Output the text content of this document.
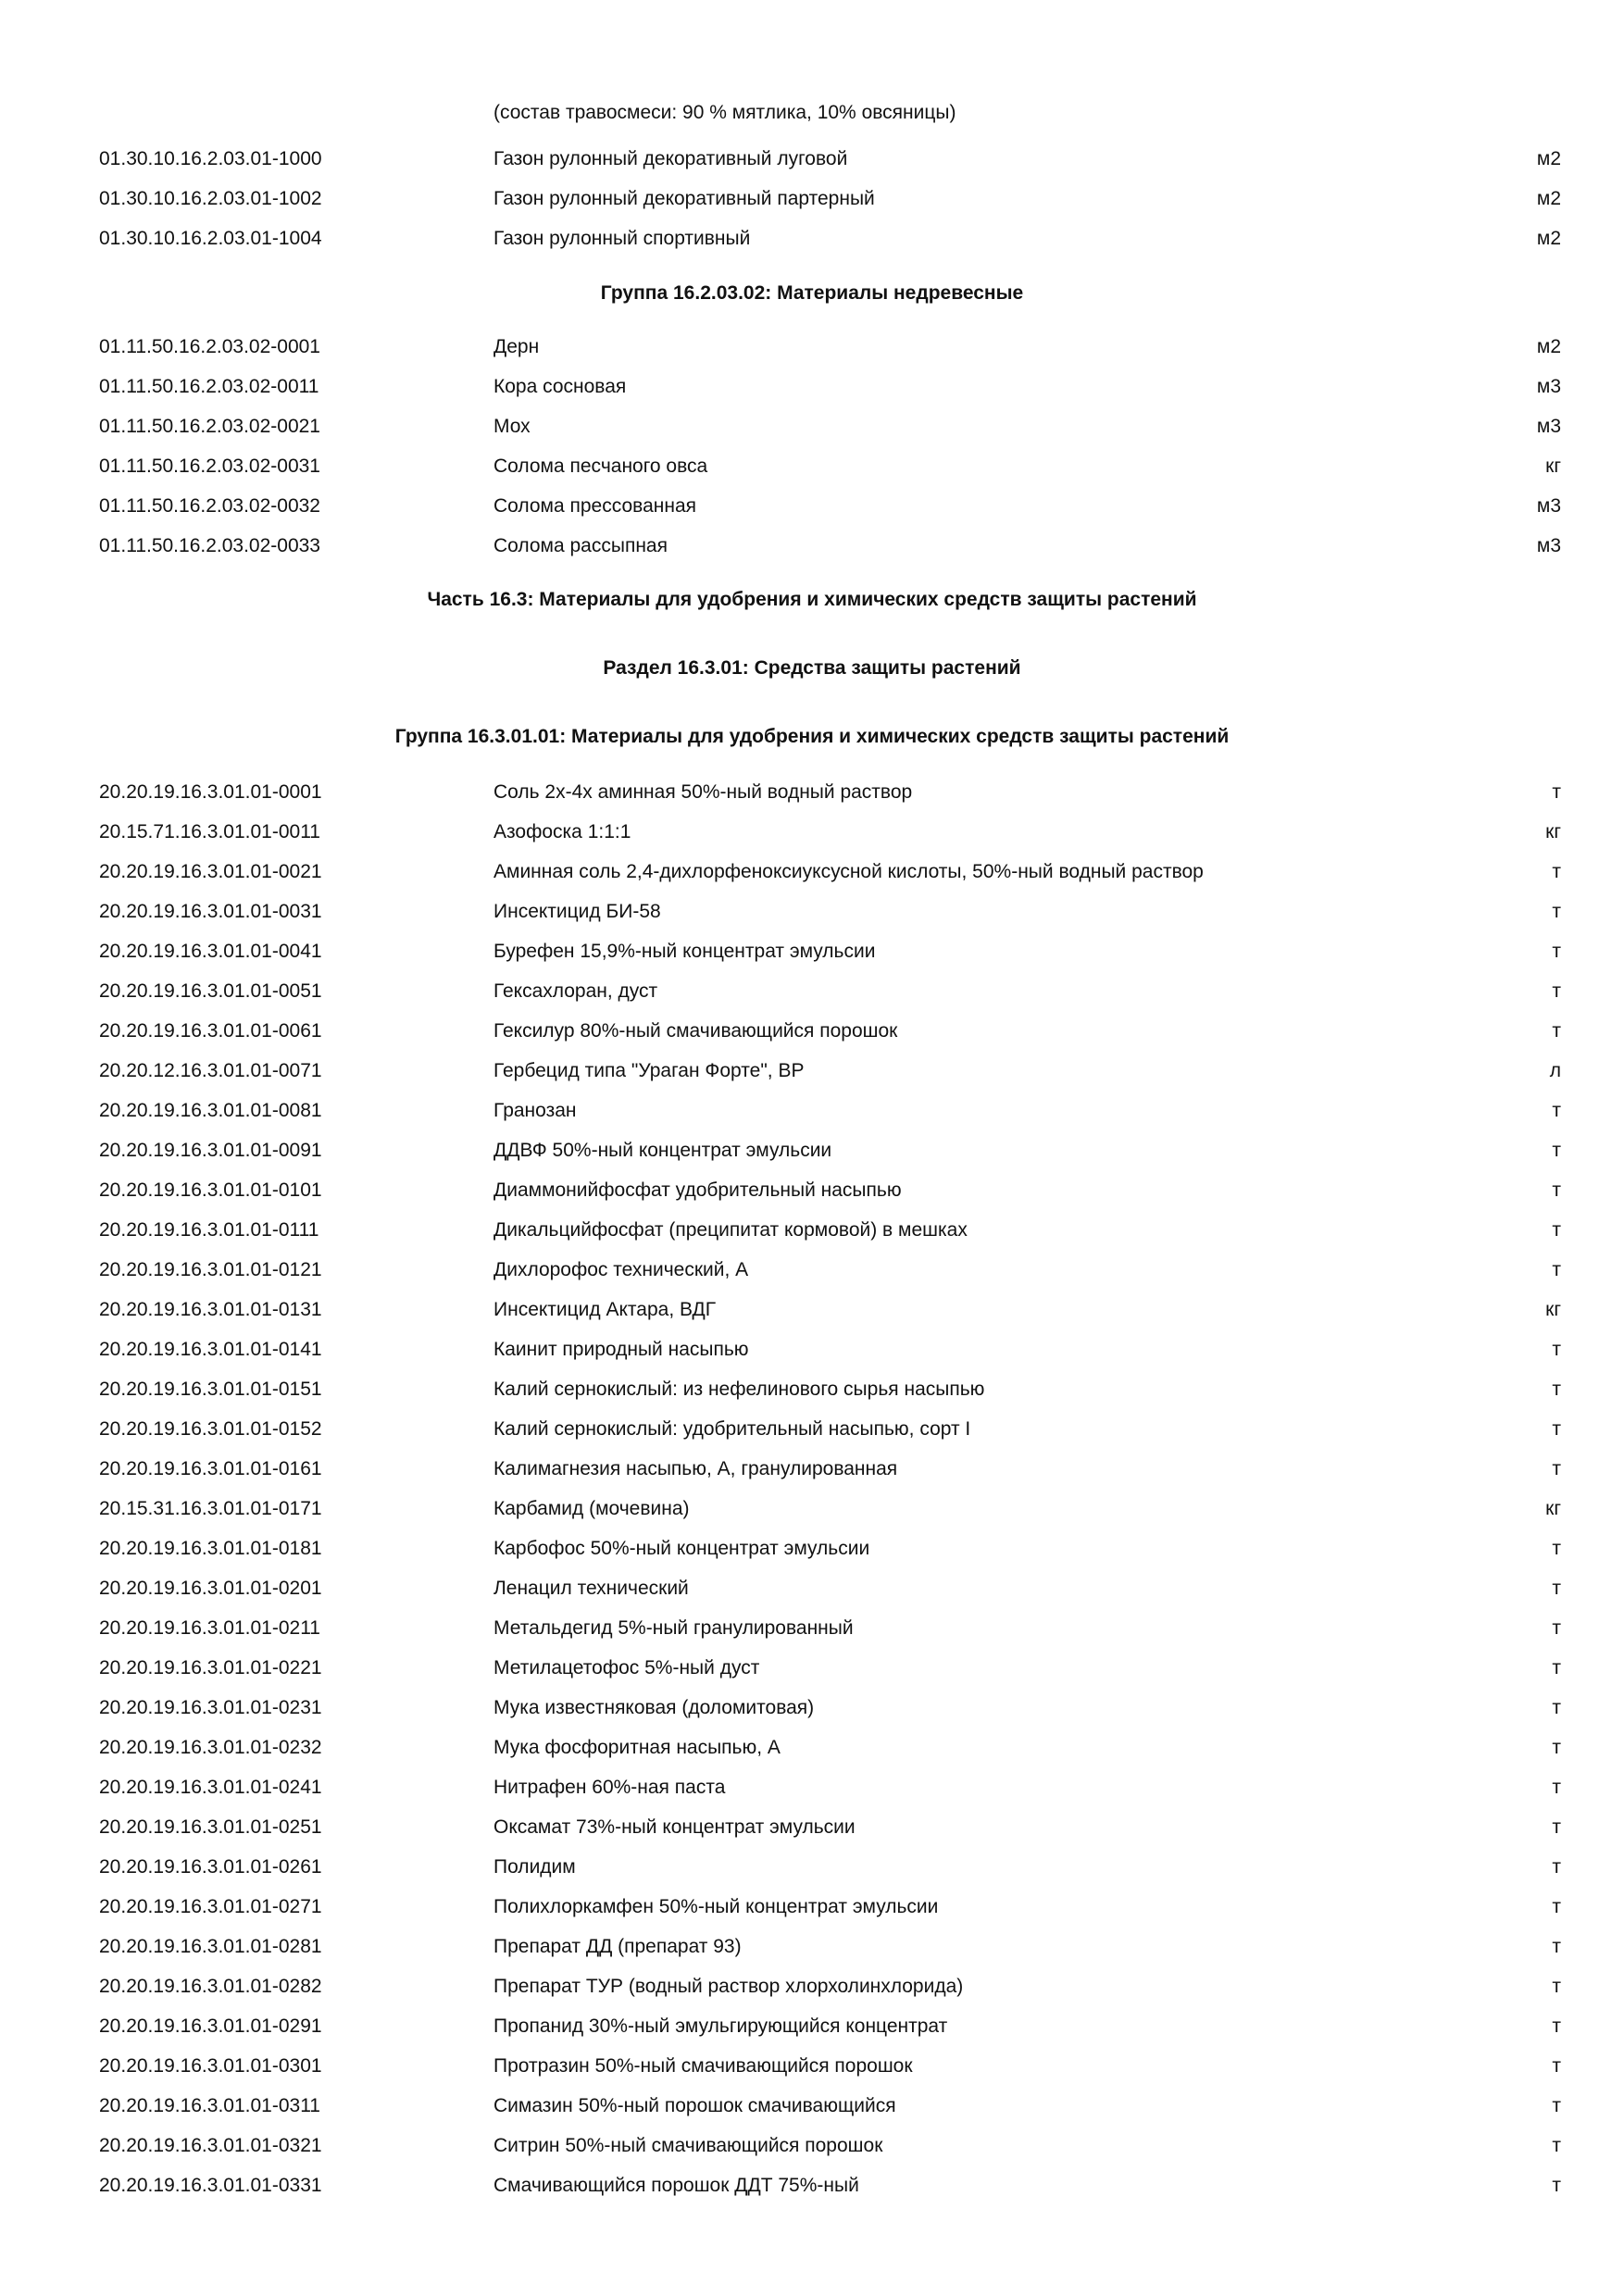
(состав травосмеси: 90 % мятлика, 10% овсяницы)
01.30.10.16.2.03.01-1000	Газон рулонный декоративный луговой	м2
01.30.10.16.2.03.01-1002	Газон рулонный декоративный партерный	м2
01.30.10.16.2.03.01-1004	Газон рулонный спортивный	м2
Группа 16.2.03.02: Материалы недревесные
01.11.50.16.2.03.02-0001	Дерн	м2
01.11.50.16.2.03.02-0011	Кора сосновая	м3
01.11.50.16.2.03.02-0021	Мох	м3
01.11.50.16.2.03.02-0031	Солома песчаного овса	кг
01.11.50.16.2.03.02-0032	Солома прессованная	м3
01.11.50.16.2.03.02-0033	Солома рассыпная	м3
Часть 16.3: Материалы для удобрения и химических средств защиты растений
Раздел 16.3.01: Средства защиты растений
Группа 16.3.01.01: Материалы для удобрения и химических средств защиты растений
20.20.19.16.3.01.01-0001	Соль 2х-4х аминная 50%-ный водный раствор	т
20.15.71.16.3.01.01-0011	Азофоска 1:1:1	кг
20.20.19.16.3.01.01-0021	Аминная соль 2,4-дихлорфеноксиуксусной кислоты, 50%-ный водный раствор	т
20.20.19.16.3.01.01-0031	Инсектицид БИ-58	т
20.20.19.16.3.01.01-0041	Бурефен 15,9%-ный концентрат эмульсии	т
20.20.19.16.3.01.01-0051	Гексахлоран, дуст	т
20.20.19.16.3.01.01-0061	Гексилур 80%-ный смачивающийся порошок	т
20.20.12.16.3.01.01-0071	Гербецид типа "Ураган Форте", ВР	л
20.20.19.16.3.01.01-0081	Гранозан	т
20.20.19.16.3.01.01-0091	ДДВФ 50%-ный концентрат эмульсии	т
20.20.19.16.3.01.01-0101	Диаммонийфосфат удобрительный насыпью	т
20.20.19.16.3.01.01-0111	Дикальцийфосфат (преципитат кормовой) в мешках	т
20.20.19.16.3.01.01-0121	Дихлорофос технический, А	т
20.20.19.16.3.01.01-0131	Инсектицид Актара, ВДГ	кг
20.20.19.16.3.01.01-0141	Каинит природный насыпью	т
20.20.19.16.3.01.01-0151	Калий сернокислый: из нефелинового сырья насыпью	т
20.20.19.16.3.01.01-0152	Калий сернокислый: удобрительный насыпью, сорт I	т
20.20.19.16.3.01.01-0161	Калимагнезия насыпью, А, гранулированная	т
20.15.31.16.3.01.01-0171	Карбамид (мочевина)	кг
20.20.19.16.3.01.01-0181	Карбофос 50%-ный концентрат эмульсии	т
20.20.19.16.3.01.01-0201	Ленацил технический	т
20.20.19.16.3.01.01-0211	Метальдегид 5%-ный гранулированный	т
20.20.19.16.3.01.01-0221	Метилацетофос 5%-ный дуст	т
20.20.19.16.3.01.01-0231	Мука известняковая (доломитовая)	т
20.20.19.16.3.01.01-0232	Мука фосфоритная насыпью, А	т
20.20.19.16.3.01.01-0241	Нитрафен 60%-ная паста	т
20.20.19.16.3.01.01-0251	Оксамат 73%-ный концентрат эмульсии	т
20.20.19.16.3.01.01-0261	Полидим	т
20.20.19.16.3.01.01-0271	Полихлоркамфен 50%-ный концентрат эмульсии	т
20.20.19.16.3.01.01-0281	Препарат ДД (препарат 93)	т
20.20.19.16.3.01.01-0282	Препарат ТУР (водный раствор хлорхолинхлорида)	т
20.20.19.16.3.01.01-0291	Пропанид 30%-ный эмульгирующийся концентрат	т
20.20.19.16.3.01.01-0301	Протразин 50%-ный смачивающийся порошок	т
20.20.19.16.3.01.01-0311	Симазин 50%-ный порошок смачивающийся	т
20.20.19.16.3.01.01-0321	Ситрин 50%-ный смачивающийся порошок	т
20.20.19.16.3.01.01-0331	Смачивающийся порошок ДДТ 75%-ный	т
